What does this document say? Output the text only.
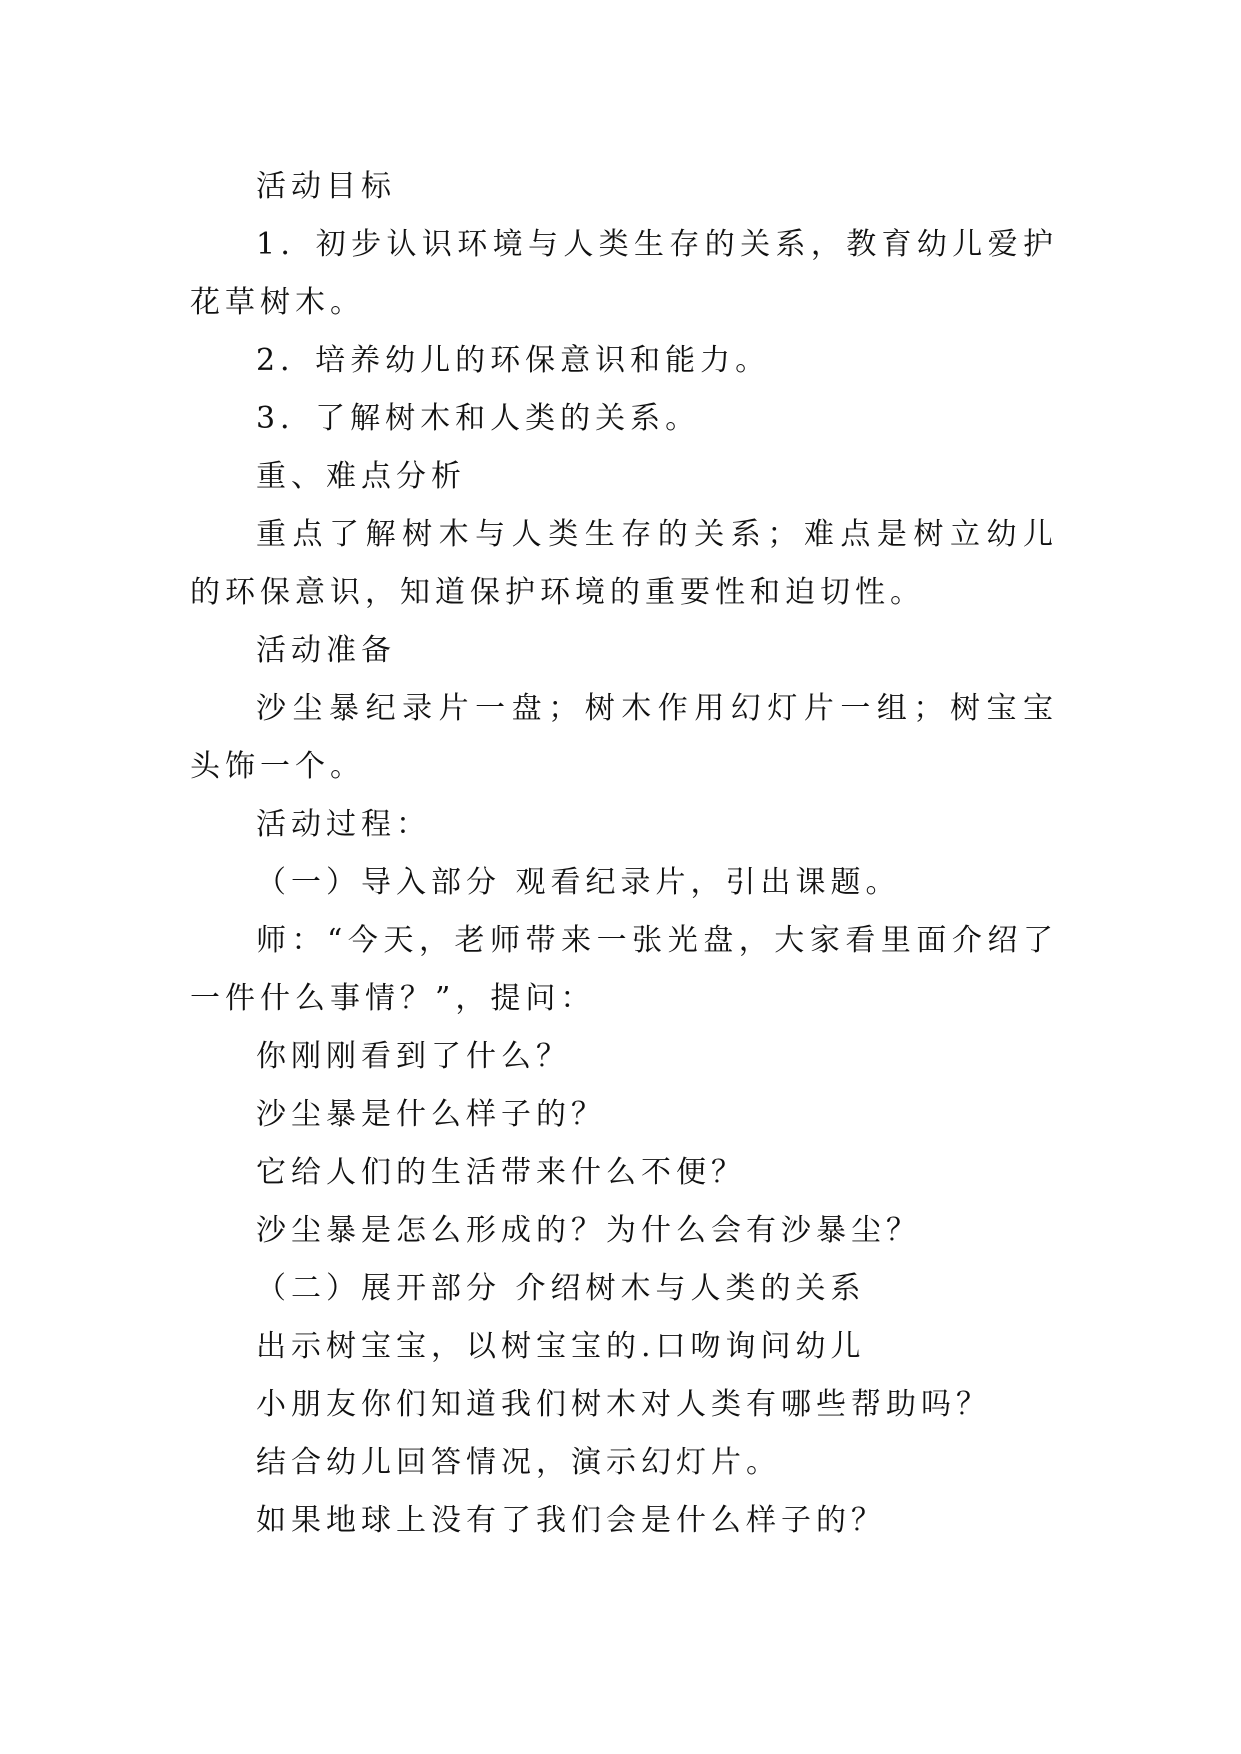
活动目标

1．初步认识环境与人类生存的关系，教育幼儿爱护花草树木。

2．培养幼儿的环保意识和能力。

3．了解树木和人类的关系。

重、难点分析

重点了解树木与人类生存的关系；难点是树立幼儿的环保意识，知道保护环境的重要性和迫切性。

活动准备

沙尘暴纪录片一盘；树木作用幻灯片一组；树宝宝头饰一个。

活动过程：

（一）导入部分 观看纪录片，引出课题。

师：“今天，老师带来一张光盘，大家看里面介绍了一件什么事情？”，提问：

你刚刚看到了什么？

沙尘暴是什么样子的？

它给人们的生活带来什么不便？

沙尘暴是怎么形成的？为什么会有沙暴尘？

（二）展开部分 介绍树木与人类的关系

出示树宝宝，以树宝宝的.口吻询问幼儿

小朋友你们知道我们树木对人类有哪些帮助吗？

结合幼儿回答情况，演示幻灯片。

如果地球上没有了我们会是什么样子的？
